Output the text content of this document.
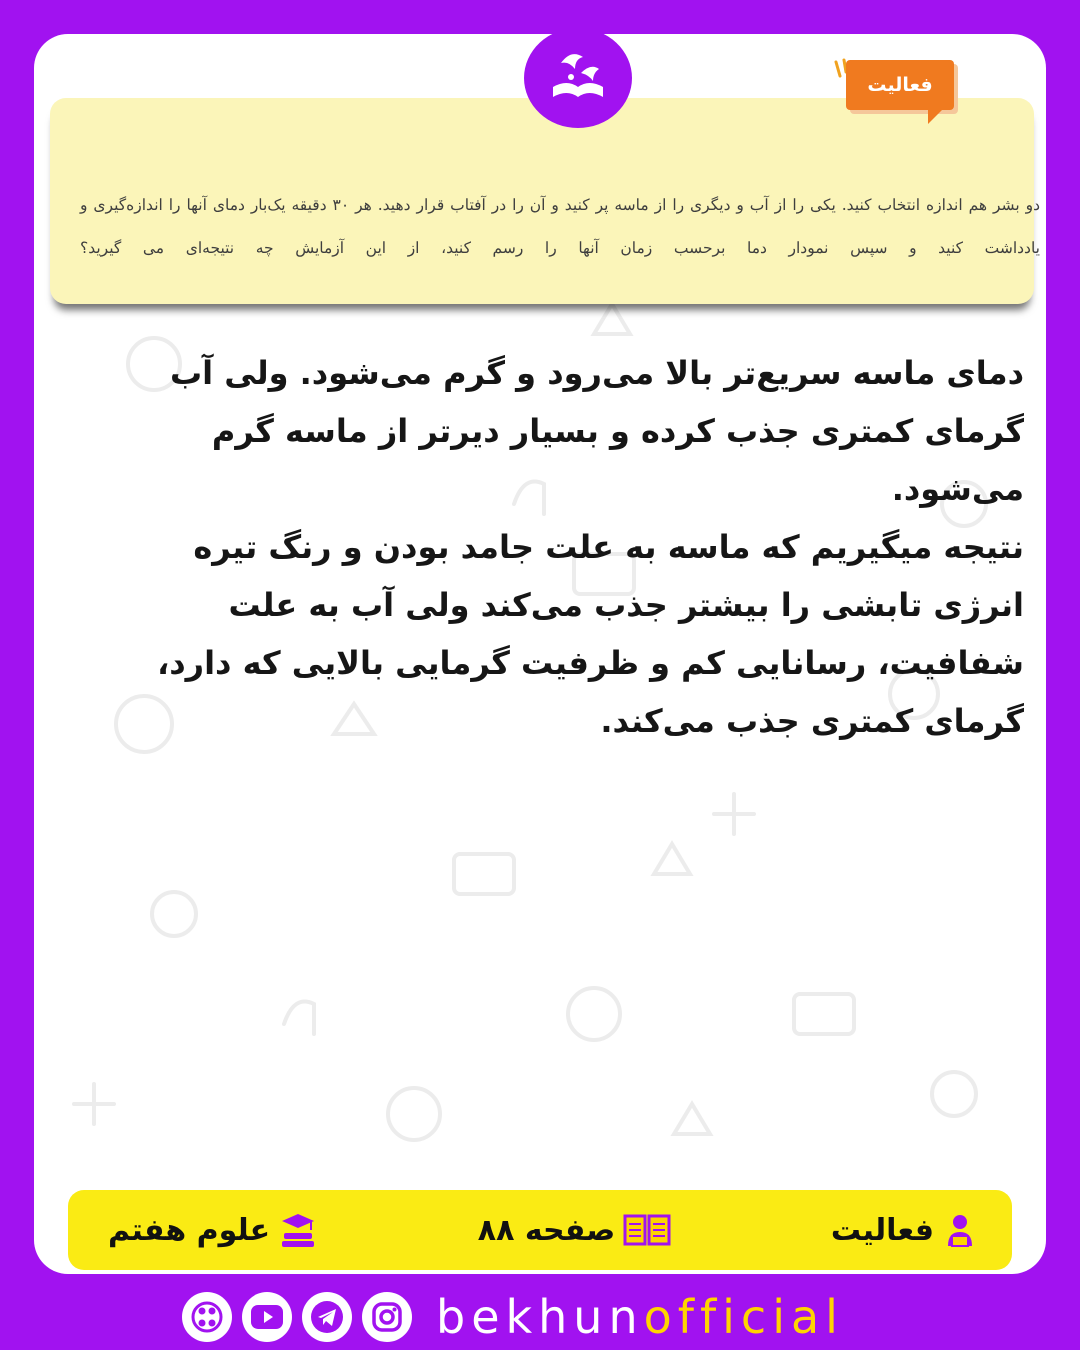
دو بشر هم اندازه انتخاب کنید. یکی را از آب و دیگری را از ماسه پر کنید و آن را در آفتاب قرار دهید. هر ۳۰ دقیقه یک‌بار دمای آنها را اندازه‌گیری و یادداشت کنید و سپس نمودار دما برحسب زمان آنها را رسم کنید، از این آزمایش چه نتیجه‌ای می گیرید؟

فعالیت

دمای ماسه سریع‌تر بالا می‌رود و گرم می‌شود. ولی آب گرمای کمتری جذب کرده و بسیار دیرتر از ماسه گرم می‌شود.

نتیجه میگیریم که ماسه به علت جامد بودن و رنگ تیره انرژی تابشی را بیشتر جذب می‌کند ولی آب به علت شفافیت، رسانایی کم و ظرفیت گرمایی بالایی که دارد، گرمای کمتری جذب می‌کند.

فعالیت
صفحه ۸۸
علوم هفتم
bekhunofficial
